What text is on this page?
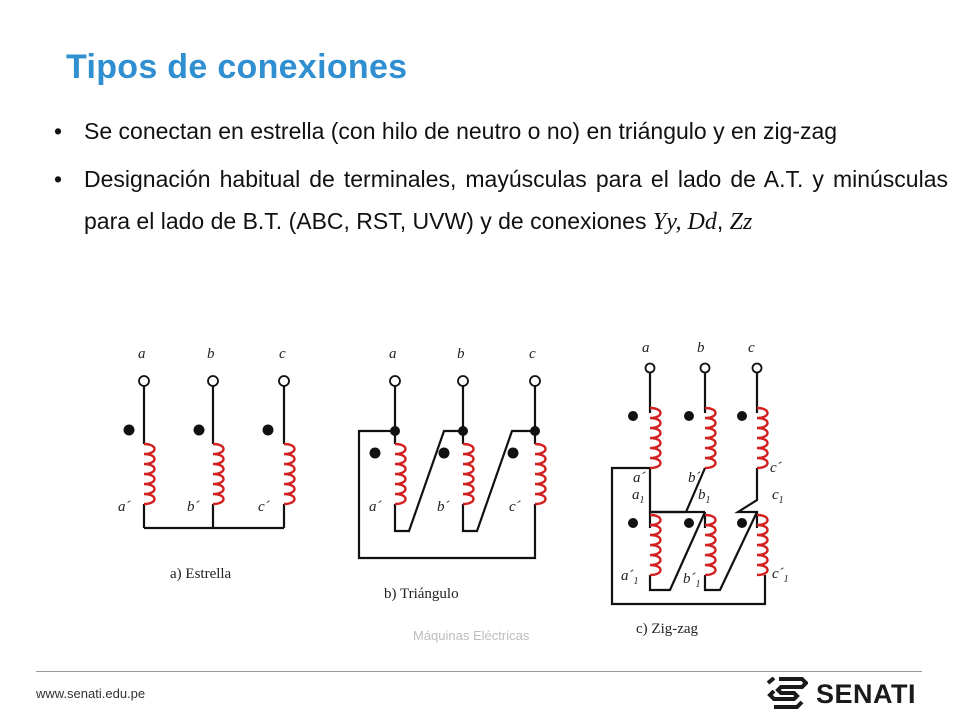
Tipos de conexiones
• Se conectan en estrella (con hilo de neutro o no) en triángulo y en zig-zag
• Designación habitual de terminales, mayúsculas para el lado de A.T. y minúsculas para el lado de B.T. (ABC, RST, UVW) y de conexiones Yy, Dd, Zz
a	b	c
a´	b´	c´
a) Estrella
a	b	c
a´	b´	c´
b) Triángulo
a	b	c
a´	b´
c´
$a_1$	$b_1$	$c_1$
$a´_1$	$b´_1$
$c´_1$
c) Zig-zag
Máquinas Eléctricas
www.senati.edu.pe	SENATI
